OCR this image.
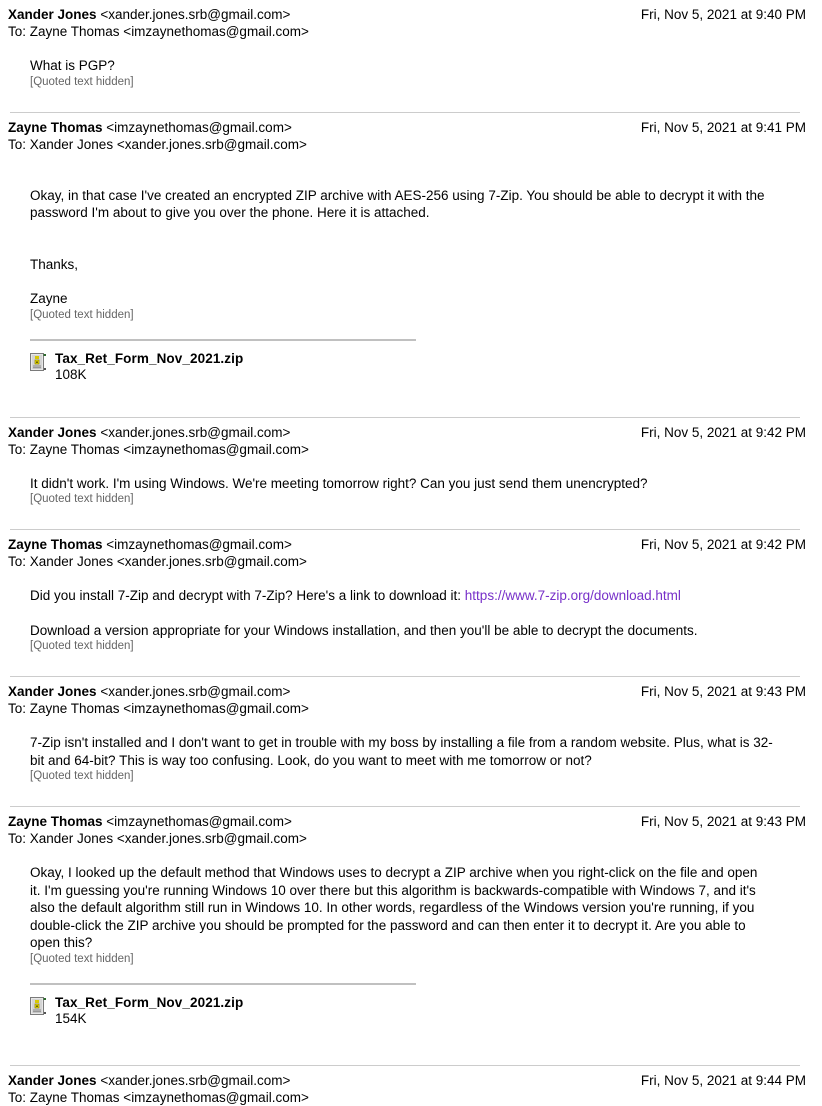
Xander Jones <xander.jones.srb@gmail.com>
To: Zayne Thomas <imzaynethomas@gmail.com>
Fri, Nov 5, 2021 at 9:40 PM

What is PGP?

[Quoted text hidden]
Zayne Thomas <imzaynethomas@gmail.com>
To: Xander Jones <xander.jones.srb@gmail.com>
Fri, Nov 5, 2021 at 9:41 PM

Okay, in that case I've created an encrypted ZIP archive with AES-256 using 7-Zip. You should be able to decrypt it with the password I'm about to give you over the phone. Here it is attached.

Thanks,

Zayne

[Quoted text hidden]
Tax_Ret_Form_Nov_2021.zip
108K
Xander Jones <xander.jones.srb@gmail.com>
To: Zayne Thomas <imzaynethomas@gmail.com>
Fri, Nov 5, 2021 at 9:42 PM

It didn't work. I'm using Windows. We're meeting tomorrow right? Can you just send them unencrypted?

[Quoted text hidden]
Zayne Thomas <imzaynethomas@gmail.com>
To: Xander Jones <xander.jones.srb@gmail.com>
Fri, Nov 5, 2021 at 9:42 PM

Did you install 7-Zip and decrypt with 7-Zip? Here's a link to download it: https://www.7-zip.org/download.html

Download a version appropriate for your Windows installation, and then you'll be able to decrypt the documents.

[Quoted text hidden]
Xander Jones <xander.jones.srb@gmail.com>
To: Zayne Thomas <imzaynethomas@gmail.com>
Fri, Nov 5, 2021 at 9:43 PM

7-Zip isn't installed and I don't want to get in trouble with my boss by installing a file from a random website. Plus, what is 32-bit and 64-bit? This is way too confusing. Look, do you want to meet with me tomorrow or not?

[Quoted text hidden]
Zayne Thomas <imzaynethomas@gmail.com>
To: Xander Jones <xander.jones.srb@gmail.com>
Fri, Nov 5, 2021 at 9:43 PM

Okay, I looked up the default method that Windows uses to decrypt a ZIP archive when you right-click on the file and open it. I'm guessing you're running Windows 10 over there but this algorithm is backwards-compatible with Windows 7, and it's also the default algorithm still run in Windows 10. In other words, regardless of the Windows version you're running, if you double-click the ZIP archive you should be prompted for the password and can then enter it to decrypt it. Are you able to open this?

[Quoted text hidden]
Tax_Ret_Form_Nov_2021.zip
154K
Xander Jones <xander.jones.srb@gmail.com>
To: Zayne Thomas <imzaynethomas@gmail.com>
Fri, Nov 5, 2021 at 9:44 PM
